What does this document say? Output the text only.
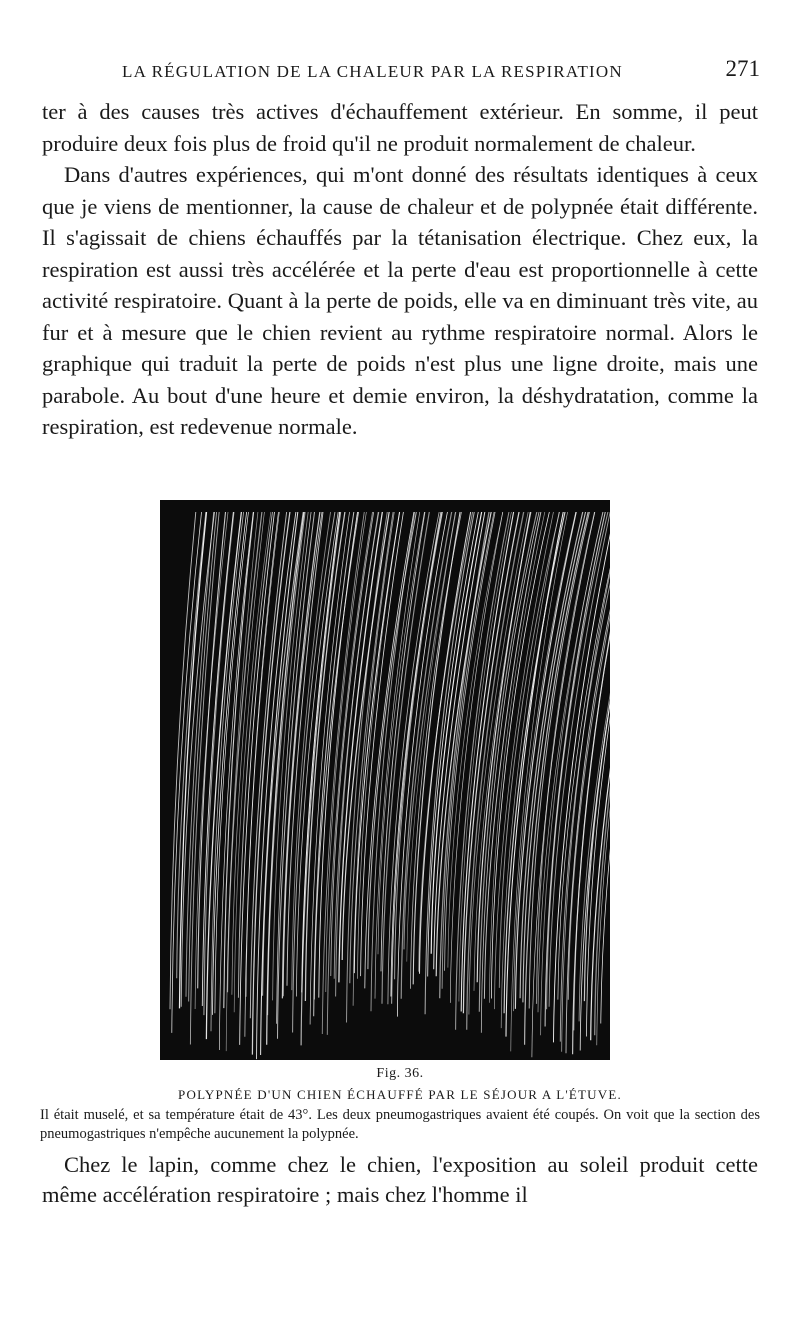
LA RÉGULATION DE LA CHALEUR PAR LA RESPIRATION	271

ter à des causes très actives d'échauffement extérieur. En somme, il peut produire deux fois plus de froid qu'il ne produit normalement de chaleur.

Dans d'autres expériences, qui m'ont donné des résultats identiques à ceux que je viens de mentionner, la cause de chaleur et de polypnée était différente. Il s'agissait de chiens échauffés par la tétanisation électrique. Chez eux, la respiration est aussi très accélérée et la perte d'eau est proportionnelle à cette activité respiratoire. Quant à la perte de poids, elle va en diminuant très vite, au fur et à mesure que le chien revient au rythme respiratoire normal. Alors le graphique qui traduit la perte de poids n'est plus une ligne droite, mais une parabole. Au bout d'une heure et demie environ, la déshydratation, comme la respiration, est redevenue normale.

Fig. 36.
POLYPNÉE D'UN CHIEN ÉCHAUFFÉ PAR LE SÉJOUR A L'ÉTUVE.

Il était muselé, et sa température était de 43°. Les deux pneumogastriques avaient été coupés. On voit que la section des pneumogastriques n'empêche aucunement la polypnée.

Chez le lapin, comme chez le chien, l'exposition au soleil produit cette même accélération respiratoire ; mais chez l'homme il
